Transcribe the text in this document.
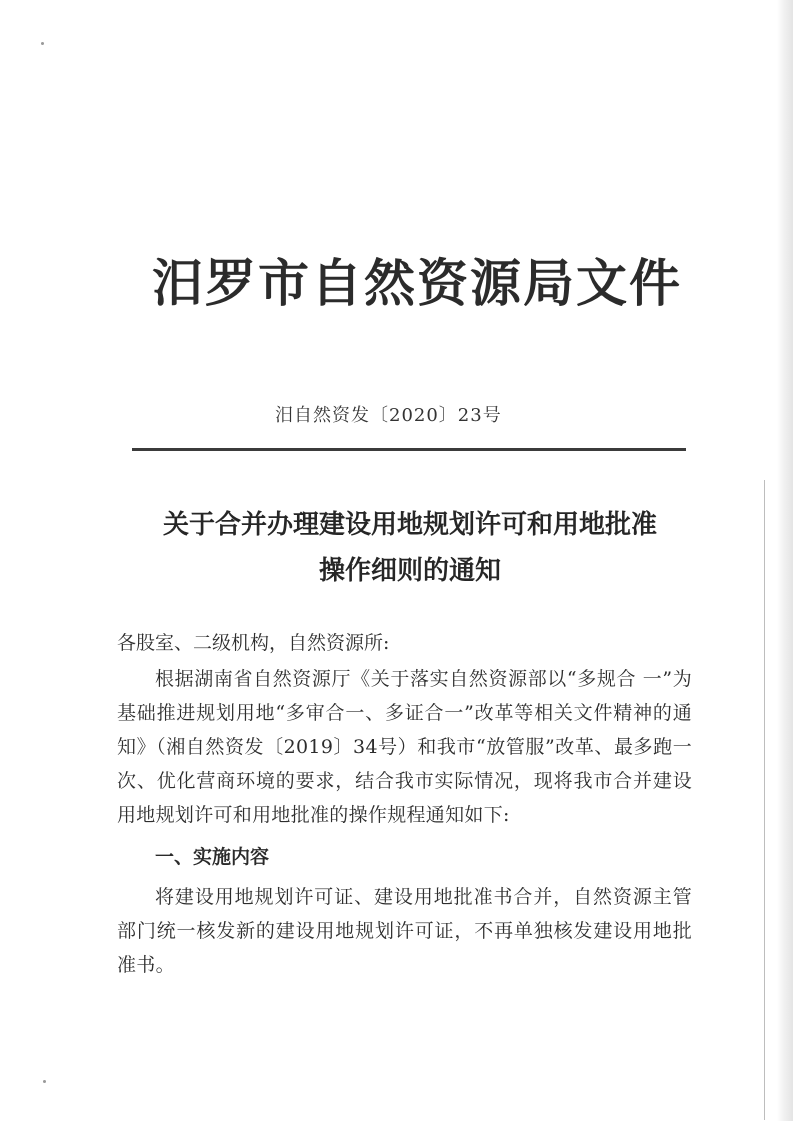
汨罗市自然资源局文件
汨自然资发〔2020〕23号
关于合并办理建设用地规划许可和用地批准
操作细则的通知
各股室、二级机构，自然资源所:
根据湖南省自然资源厅《关于落实自然资源部以“多规合 一”为基础推进规划用地“多审合一、多证合一”改革等相关文件精神的通知》（湘自然资发〔2019〕34号）和我市“放管服”改革、最多跑一次、优化营商环境的要求，结合我市实际情况，现将我市合并建设用地规划许可和用地批准的操作规程通知如下:
一、实施内容
将建设用地规划许可证、建设用地批准书合并，自然资源主管部门统一核发新的建设用地规划许可证，不再单独核发建设用地批准书。
